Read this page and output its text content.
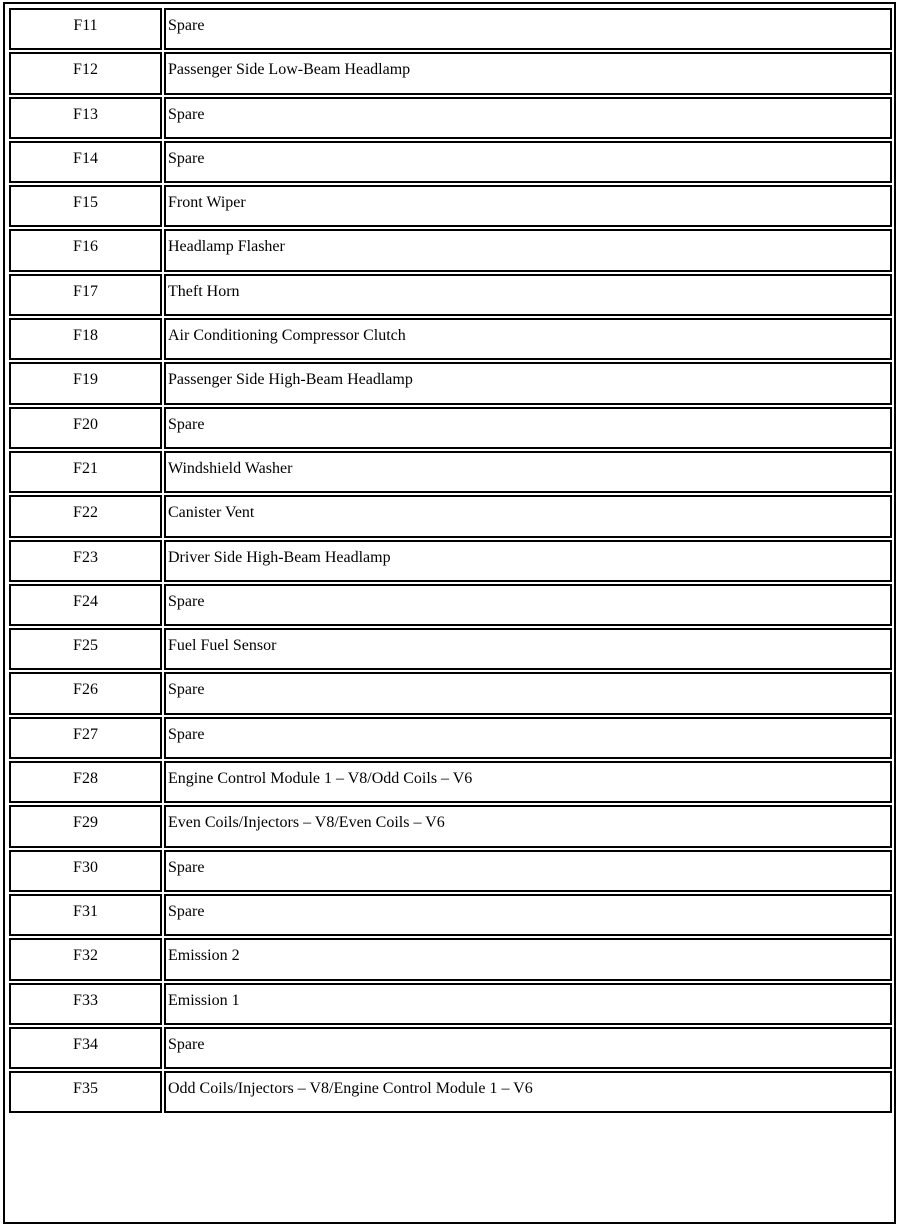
F11	Spare
F12	Passenger Side Low-Beam Headlamp
F13	Spare
F14	Spare
F15	Front Wiper
F16	Headlamp Flasher
F17	Theft Horn
F18	Air Conditioning Compressor Clutch
F19	Passenger Side High-Beam Headlamp
F20	Spare
F21	Windshield Washer
F22	Canister Vent
F23	Driver Side High-Beam Headlamp
F24	Spare
F25	Fuel Fuel Sensor
F26	Spare
F27	Spare
F28	Engine Control Module 1 – V8/Odd Coils – V6
F29	Even Coils/Injectors – V8/Even Coils – V6
F30	Spare
F31	Spare
F32	Emission 2
F33	Emission 1
F34	Spare
F35	Odd Coils/Injectors – V8/Engine Control Module 1 – V6
